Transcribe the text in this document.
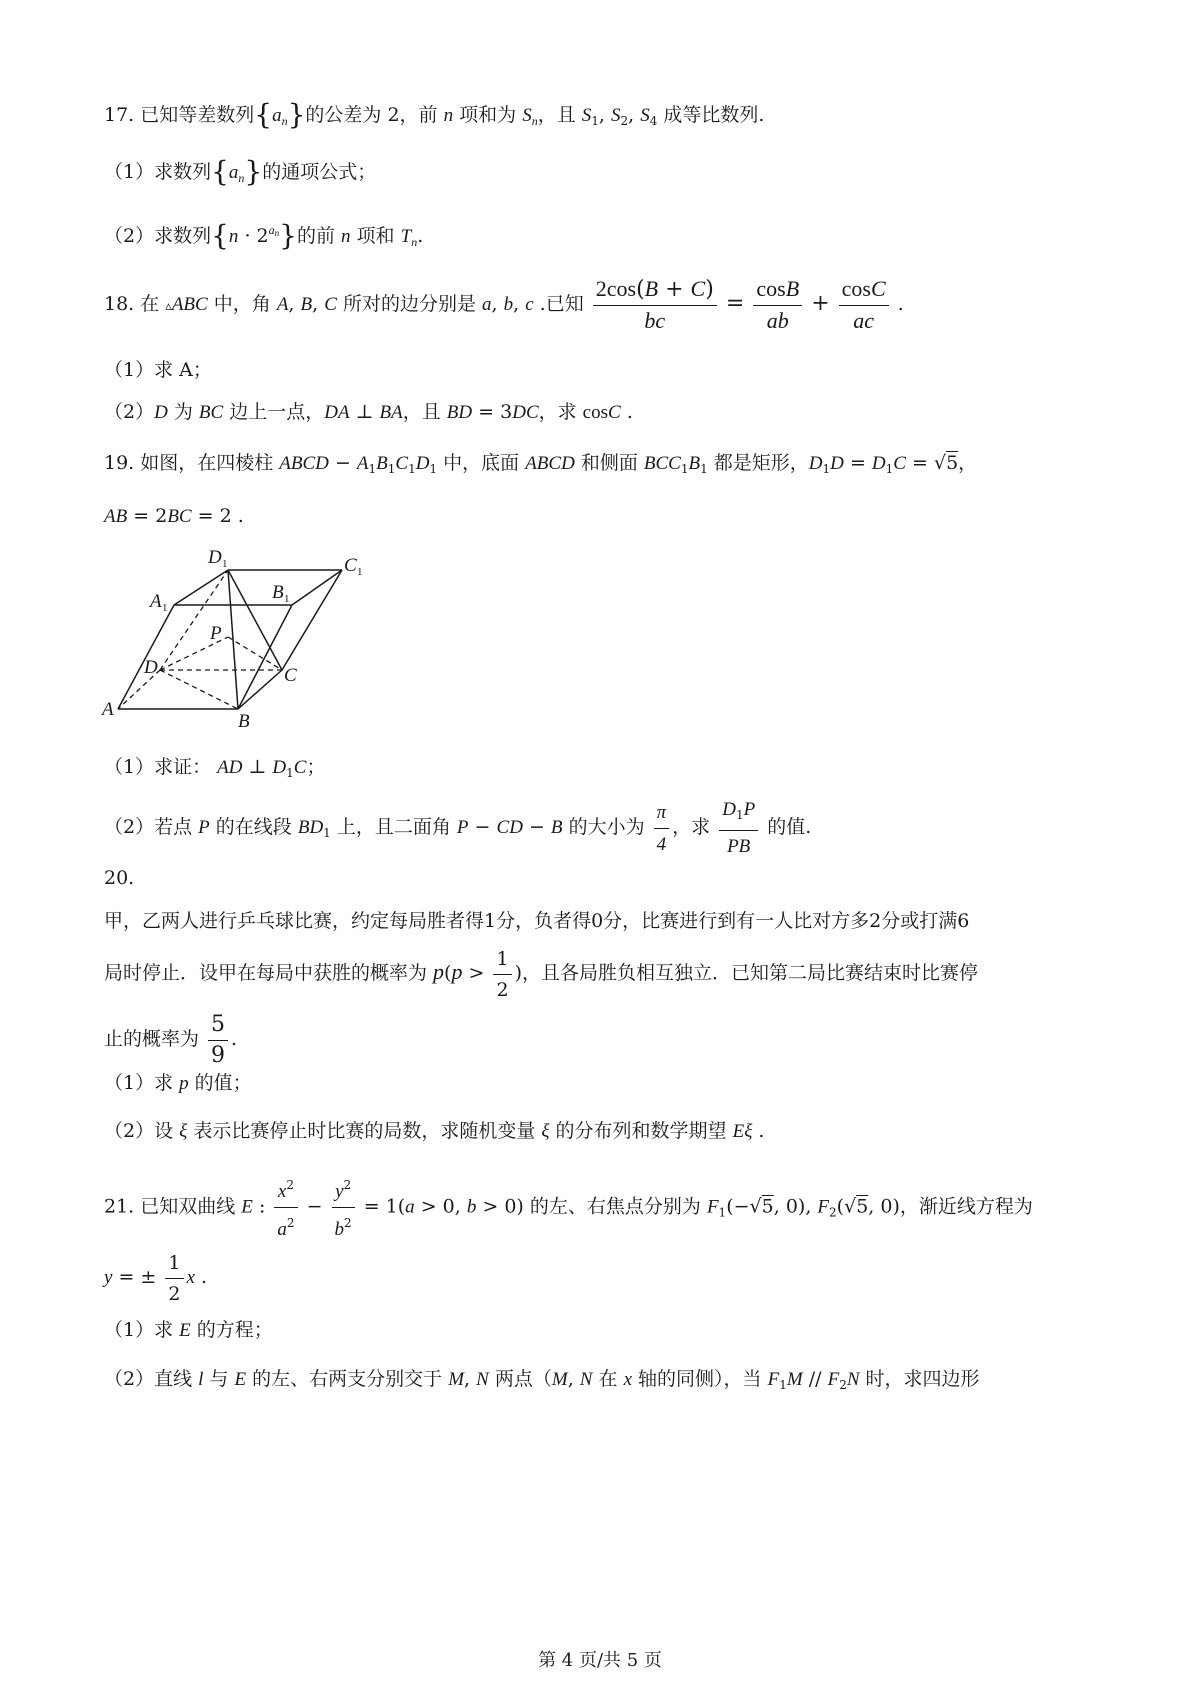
17. 已知等差数列$\{a_n\}$的公差为 2，前 n 项和为 $S_n$，且 $S_1$, $S_2$, $S_4$ 成等比数列.
（1）求数列$\{a_n\}$的通项公式；
（2）求数列$\{n \cdot 2^{a_n}\}$的前 n 项和 $T_n$.
18. 在 ▵ABC 中，角 A, B, C 所对的边分别是 a, b, c .已知 $\frac{2\cos(B + C)}{bc} = \frac{\cos B}{ab} + \frac{\cos C}{ac}$ .
（1）求 A；
（2）D 为 BC 边上一点，DA ⊥ BA，且 BD = 3DC，求 cosC .
19. 如图，在四棱柱 ABCD − $A_1B_1C_1D_1$ 中，底面 ABCD 和侧面 $BCC_1B_1$ 都是矩形，$D_1D = D_1C = √5$，
AB = 2BC = 2 .
D 1	C 1
A 1
B 1
P
D	C
A
B
（1）求证： AD ⊥ $D_1C$；
（2）若点 P 的在线段 $BD_1$ 上，且二面角 P − CD − B 的大小为 $\frac{\pi}{4}$ ，求 $\frac{D_1P}{PB}$ 的值.
20.
甲，乙两人进行乒乓球比赛，约定每局胜者得1分，负者得0分，比赛进行到有一人比对方多2分或打满6
局时停止．设甲在每局中获胜的概率为 $p(p > \frac{1}{2}$ )，且各局胜负相互独立．已知第二局比赛结束时比赛停
止的概率为 $\frac{5}{9}$ .
（1）求 p 的值；
（2）设 ξ 表示比赛停止时比赛的局数，求随机变量 ξ 的分布列和数学期望 Eξ .
21. 已知双曲线 E : $\frac{x^2}{a^2} - \frac{y^2}{b^2} = 1(a > 0$, b > 0) 的左、右焦点分别为 $F_1(-√5$, 0), $F_2(√5$, 0)，渐近线方程为
y = ± $\frac{1}{2}$ x .
（1）求 E 的方程；
（2）直线 l 与 E 的左、右两支分别交于 M, N 两点（M, N 在 x 轴的同侧），当 $F_1M // F_2N$ 时，求四边形
第 4 页/共 5 页
